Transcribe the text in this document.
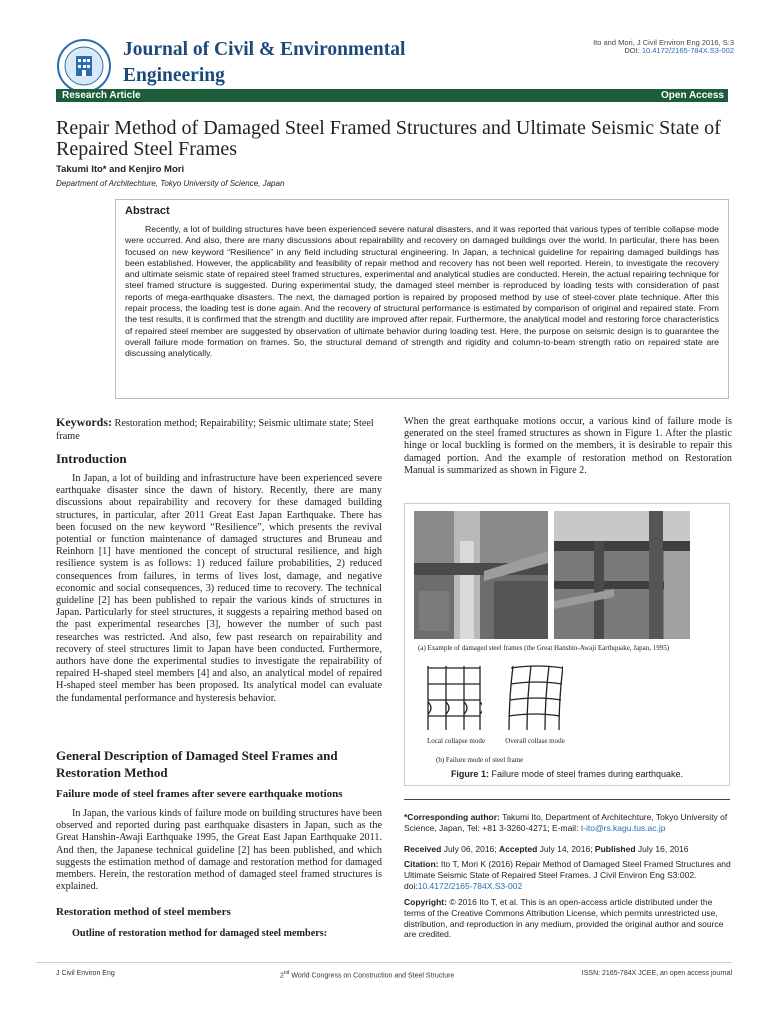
Journal of Civil & Environmental
Engineering
Ito and Mori, J Civil Environ Eng 2016, S:3
DOI: 10.4172/2165-784X.S3-002
Research Article	Open Access
Repair Method of Damaged Steel Framed Structures and Ultimate Seismic State of Repaired Steel Frames
Takumi Ito* and Kenjiro Mori
Department of Architechture, Tokyo University of Science, Japan
Abstract
Recently, a lot of building structures have been experienced severe natural disasters, and it was reported that various types of terrible collapse mode were occurred. And also, there are many discussions about repairability and recovery on damaged buildings over the world. In particular, there has been focused on new keyword “Resilience” in any field including structural engineering. In Japan, a technical guideline for repairing damaged buildings has been established. However, the applicability and feasibility of repair method and recovery has not been well reported. Herein, to investigate the recovery and ultimate seismic state of repaired steel framed structures, experimental and analytical studies are conducted. Herein, the actual repairing technique for steel framed structure is suggested. During experimental study, the damaged steel member is reproduced by loading tests with consideration of past reports of mega-earthquake disasters. The next, the damaged portion is repaired by proposed method by use of steel-cover plate technique. After this repair process, the loading test is done again. And the recovery of structural performance is estimated by comparison of original and repaired state. From the test results, it is confirmed that the strength and ductility are improved after repair. Furthermore, the analytical model and restoring force characteristics of repaired steel member are suggested by observation of ultimate behavior during loading test. Here, the purpose on seismic design is to guarantee the overall failure mode formation on frames. So, the structural demand of strength and rigidity and column-to-beam strength ratio on repaired state are discussing analytically.
Keywords: Restoration method; Repairability; Seismic ultimate state; Steel frame
Introduction
In Japan, a lot of building and infrastructure have been experienced severe earthquake disaster since the dawn of history. Recently, there are many discussions about repairability and recovery for these damaged building structures, in particular, after 2011 Great East Japan Earthquake. There has been focused on the new keyword “Resilience”, which presents the revival potential or function maintenance of damaged structures and Bruneau and Reinhorn [1] have mentioned the concept of structural resilience, and high resilience system is as follows: 1) reduced failure probabilities, 2) reduced consequences from failures, in terms of lives lost, damage, and negative economic and social consequences, 3) reduced time to recovery. The technical guideline [2] has been published to repair the various kinds of structures in Japan. Particularly for steel structures, it suggests a repairing method based on the past experimental researches [3], however the number of such past researches was restricted. And also, few past research on repairability and recovery of steel structures limit to Japan have been conducted. Furthermore, authors have done the experimental studies to investigate the repairability of repaired H-shaped steel members [4] and also, an analytical model of repaired H-shaped steel member has been proposed. Its analytical model can evaluate the fundamental performance and hysteresis behavior.
General Description of Damaged Steel Frames and Restoration Method
Failure mode of steel frames after severe earthquake motions
In Japan, the various kinds of failure mode on building structures have been observed and reported during past earthquake disasters in Japan, such as the Great Hanshin-Awaji Earthquake 1995, the Great East Japan Earthquake 2011. And then, the Japanese technical guideline [2] has been published, and which suggests the estimation method of damage and restoration method for damaged members. Herein, the restoration method of damaged steel framed structures is explained.
Restoration method of steel members
Outline of restoration method for damaged steel members:
When the great earthquake motions occur, a various kind of failure mode is generated on the steel framed structures as shown in Figure 1. After the plastic hinge or local buckling is formed on the members, it is desirable to repair this damaged portion. And the example of restoration method on Restoration Manual is summarized as shown in Figure 2.
(a) Example of damaged steel frames (the Great Hanshin-Awaji Earthquake, Japan, 1995)
Local collapse mode	Overall collase mode
(b) Failure mode of steel frame
Figure 1: Failure mode of steel frames during earthquake.
*Corresponding author: Takumi Ito, Department of Architechture, Tokyo University of Science, Japan, Tel: +81 3-3260-4271; E-mail: t-ito@rs.kagu.tus.ac.jp
Received July 06, 2016; Accepted July 14, 2016; Published July 16, 2016
Citation: Ito T, Mori K (2016) Repair Method of Damaged Steel Framed Structures and Ultimate Seismic State of Repaired Steel Frames. J Civil Environ Eng S3:002. doi:10.4172/2165-784X.S3-002
Copyright: © 2016 Ito T, et al. This is an open-access article distributed under the terms of the Creative Commons Attribution License, which permits unrestricted use, distribution, and reproduction in any medium, provided the original author and source are credited.
J Civil Environ Eng	2nd World Congress on Construction and Steel Structure	ISSN: 2165-784X JCEE, an open access journal
